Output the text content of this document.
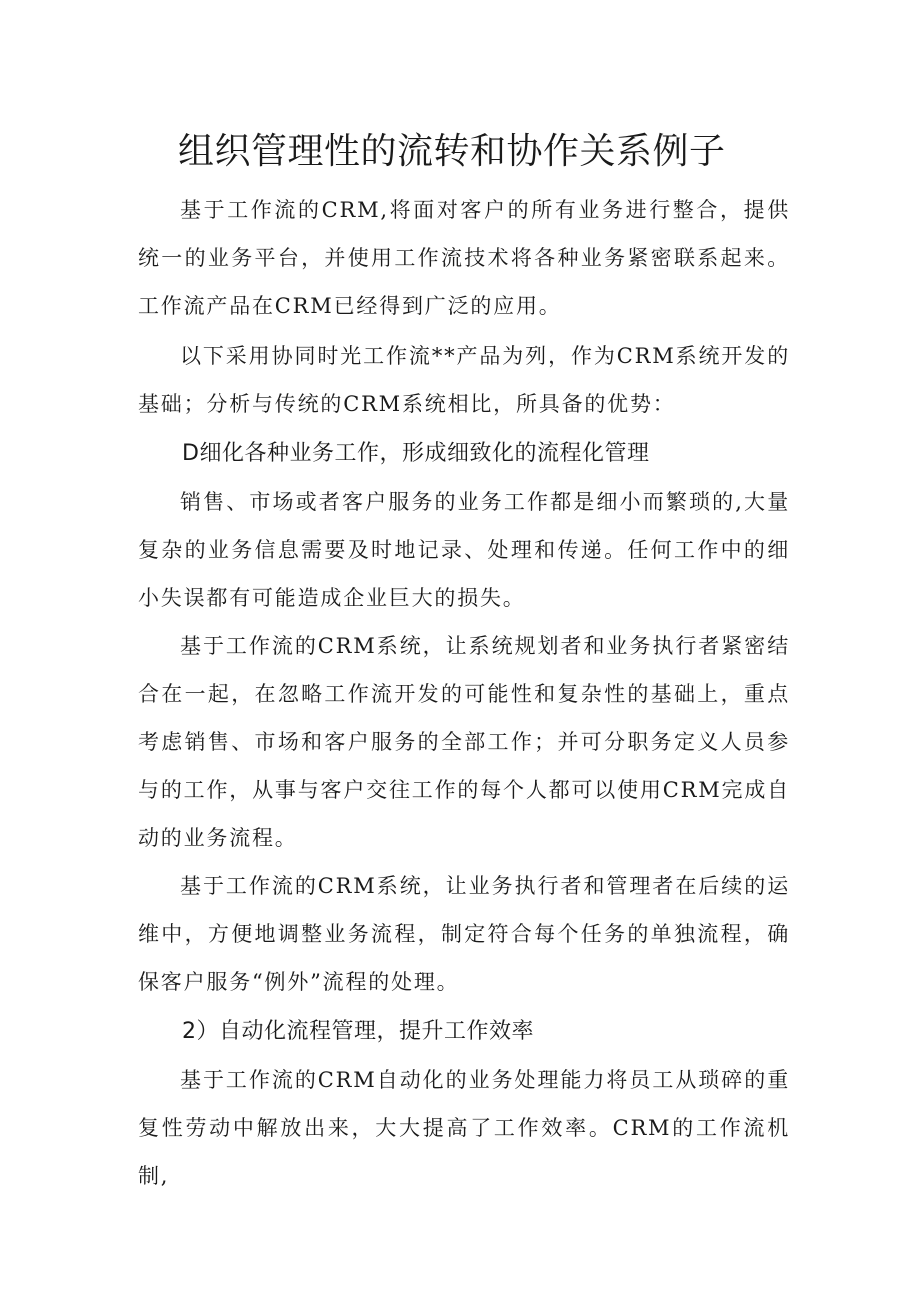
组织管理性的流转和协作关系例子

基于工作流的CRM,将面对客户的所有业务进行整合，提供统一的业务平台，并使用工作流技术将各种业务紧密联系起来。工作流产品在CRM已经得到广泛的应用。

以下采用协同时光工作流**产品为列，作为CRM系统开发的基础；分析与传统的CRM系统相比，所具备的优势：

D细化各种业务工作，形成细致化的流程化管理

销售、市场或者客户服务的业务工作都是细小而繁琐的,大量复杂的业务信息需要及时地记录、处理和传递。任何工作中的细小失误都有可能造成企业巨大的损失。

基于工作流的CRM系统，让系统规划者和业务执行者紧密结合在一起，在忽略工作流开发的可能性和复杂性的基础上，重点考虑销售、市场和客户服务的全部工作；并可分职务定义人员参与的工作，从事与客户交往工作的每个人都可以使用CRM完成自动的业务流程。

基于工作流的CRM系统，让业务执行者和管理者在后续的运维中，方便地调整业务流程，制定符合每个任务的单独流程，确保客户服务“例外”流程的处理。

2）自动化流程管理，提升工作效率

基于工作流的CRM自动化的业务处理能力将员工从琐碎的重复性劳动中解放出来，大大提高了工作效率。CRM的工作流机制,
